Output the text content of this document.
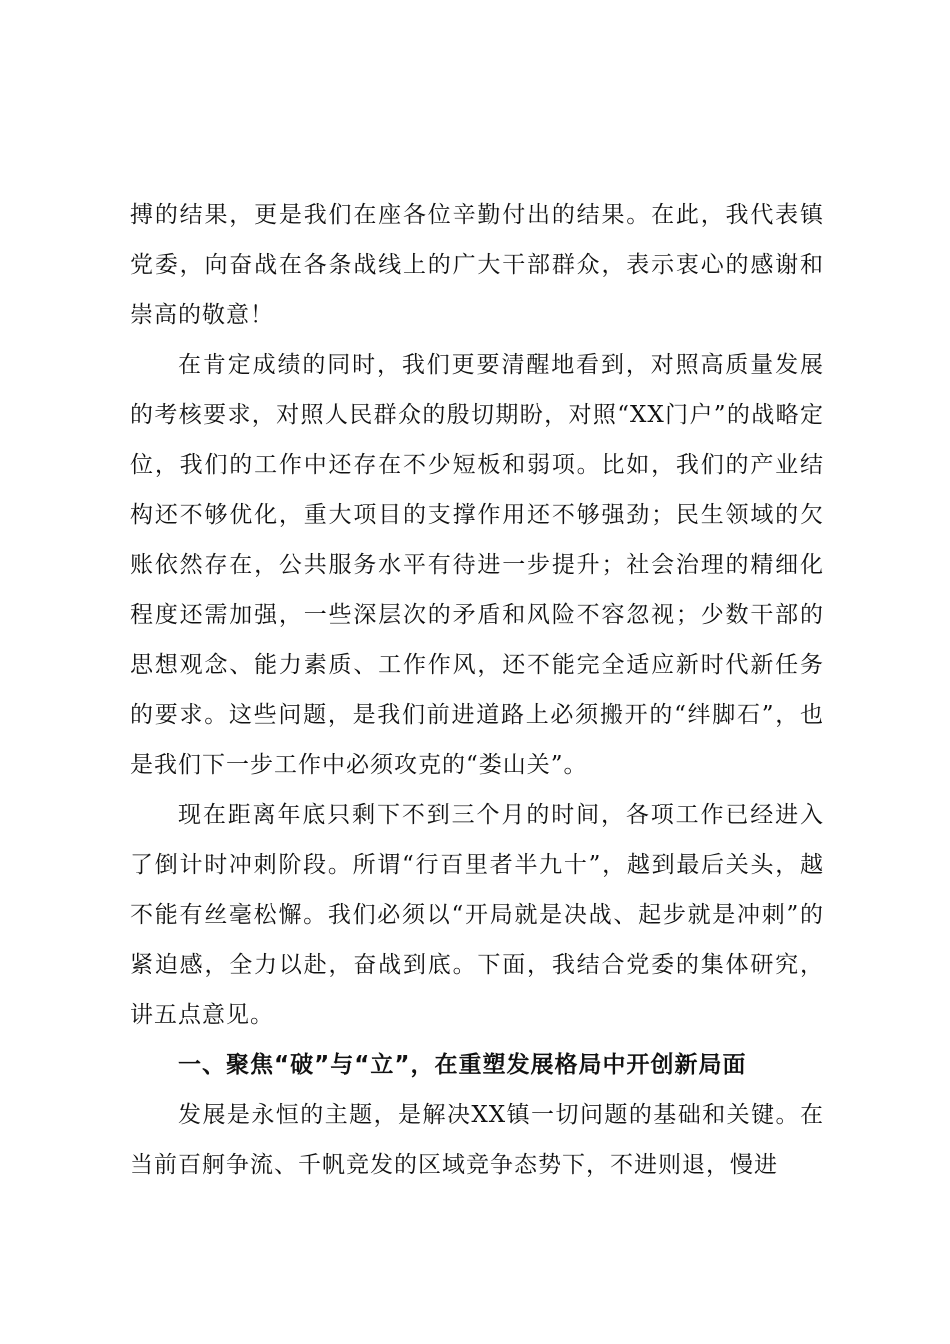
搏的结果，更是我们在座各位辛勤付出的结果。在此，我代表镇党委，向奋战在各条战线上的广大干部群众，表示衷心的感谢和崇高的敬意！

在肯定成绩的同时，我们更要清醒地看到，对照高质量发展的考核要求，对照人民群众的殷切期盼，对照“XX门户”的战略定位，我们的工作中还存在不少短板和弱项。比如，我们的产业结构还不够优化，重大项目的支撑作用还不够强劲；民生领域的欠账依然存在，公共服务水平有待进一步提升；社会治理的精细化程度还需加强，一些深层次的矛盾和风险不容忽视；少数干部的思想观念、能力素质、工作作风，还不能完全适应新时代新任务的要求。这些问题，是我们前进道路上必须搬开的“绊脚石”，也是我们下一步工作中必须攻克的“娄山关”。

现在距离年底只剩下不到三个月的时间，各项工作已经进入了倒计时冲刺阶段。所谓“行百里者半九十”，越到最后关头，越不能有丝毫松懈。我们必须以“开局就是决战、起步就是冲刺”的紧迫感，全力以赴，奋战到底。下面，我结合党委的集体研究，讲五点意见。

一、聚焦“破”与“立”，在重塑发展格局中开创新局面

发展是永恒的主题，是解决XX镇一切问题的基础和关键。在当前百舸争流、千帆竞发的区域竞争态势下，不进则退，慢进
